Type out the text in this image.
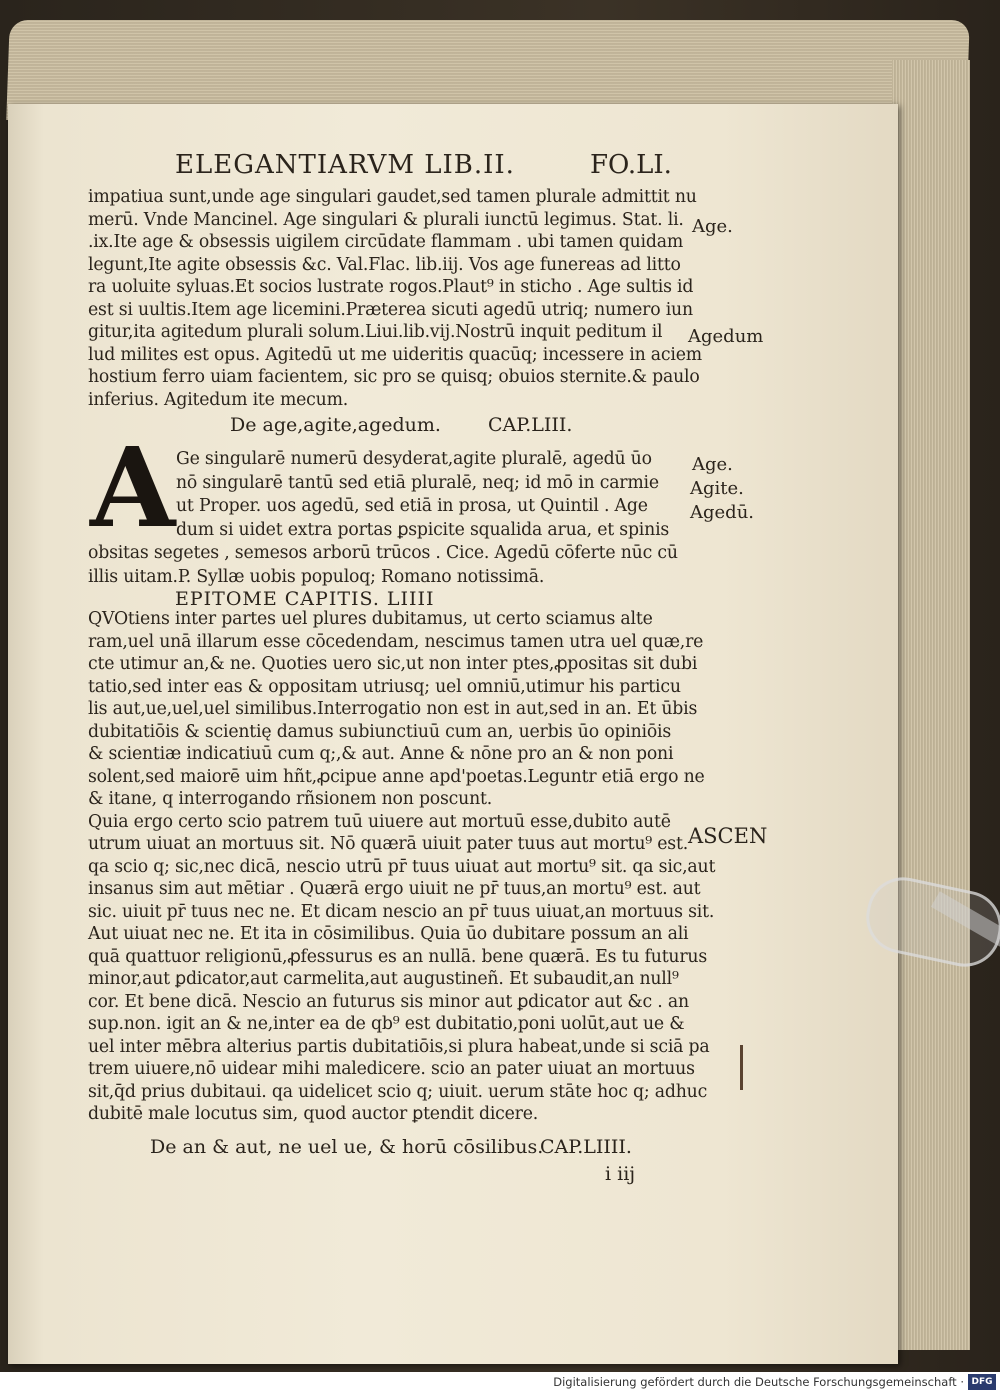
ELEGANTIARVM LIB.II.	FO.LI.
impatiua sunt,unde age singulari gaudet,sed tamen plurale admittit nu
merū. Vnde Mancinel. Age singulari & plurali iunctū legimus. Stat. li.
.ix.Ite age & obsessis uigilem circūdate flammam . ubi tamen quidam
legunt,Ite agite obsessis &c. Val.Flac. lib.iij. Vos age funereas ad litto
ra uoluite syluas.Et socios lustrate rogos.Plaut⁹ in sticho . Age sultis id
est si uultis.Item age licemini.Præterea sicuti agedū utriq; numero iun
gitur,ita agitedum plurali solum.Liui.lib.vij.Nostrū inquit peditum il
lud milites est opus. Agitedū ut me uideritis quacūq; incessere in aciem
hostium ferro uiam facientem, sic pro se quisq; obuios sternite.& paulo
inferius. Agitedum ite mecum.
De age,agite,agedum. CAP.LIII.
A Ge singularē numerū desyderat,agite pluralē, agedū ūo
nō singularē tantū sed etiā pluralē, neq; id mō in carmie
ut Proper. uos agedū, sed etiā in prosa, ut Quintil . Age
dum si uidet extra portas ꝑspicite squalida arua, et spinis
obsitas segetes , semesos arborū trūcos . Cice. Agedū cōferte nūc cū
illis uitam.P. Syllæ uobis populoq; Romano notissimā.
EPITOME CAPITIS. LIIII
QVOtiens inter partes uel plures dubitamus, ut certo sciamus alte
ram,uel unā illarum esse cōcedendam, nescimus tamen utra uel quæ,re
cte utimur an,& ne. Quoties uero sic,ut non inter ptes,ꝓpositas sit dubi
tatio,sed inter eas & oppositam utriusq; uel omniū,utimur his particu
lis aut,ue,uel,uel similibus.Interrogatio non est in aut,sed in an. Et ūbis
dubitatiōis & scientię damus subiunctiuū cum an, uerbis ūo opiniōis
& scientiæ indicatiuū cum q;,& aut. Anne & nōne pro an & non poni
solent,sed maiorē uim hñt,ꝓcipue anne apd'poetas.Leguntr etiā ergo ne
& itane, q interrogando rñsionem non poscunt.
Quia ergo certo scio patrem tuū uiuere aut mortuū esse,dubito autē
utrum uiuat an mortuus sit. Nō quærā uiuit pater tuus aut mortu⁹ est.
qa scio q; sic,nec dicā, nescio utrū pr̄ tuus uiuat aut mortu⁹ sit. qa sic,aut
insanus sim aut mētiar . Quærā ergo uiuit ne pr̄ tuus,an mortu⁹ est. aut
sic. uiuit pr̄ tuus nec ne. Et dicam nescio an pr̄ tuus uiuat,an mortuus sit.
Aut uiuat nec ne. Et ita in cōsimilibus. Quia ūo dubitare possum an ali
quā quattuor religionū,ꝓfessurus es an nullā. bene quærā. Es tu futurus
minor,aut ꝑdicator,aut carmelita,aut augustineñ. Et subaudit,an null⁹
cor. Et bene dicā. Nescio an futurus sis minor aut ꝑdicator aut &c . an
sup.non. igit an & ne,inter ea de qb⁹ est dubitatio,poni uolūt,aut ue &
uel inter mēbra alterius partis dubitatiōis,si plura habeat,unde si sciā pa
trem uiuere,nō uidear mihi maledicere. scio an pater uiuat an mortuus
sit,q̄d prius dubitaui. qa uidelicet scio q; uiuit. uerum stāte hoc q; adhuc
dubitē male locutus sim, quod auctor ꝑtendit dicere.
De an & aut, ne uel ue, & horū cōsilibus.
CAP.LIIII.
i iij
Age.
Agedum
Age.
Agite.
Agedū.
ASCEN
Digitalisierung gefördert durch die Deutsche Forschungsgemeinschaft · DFG
